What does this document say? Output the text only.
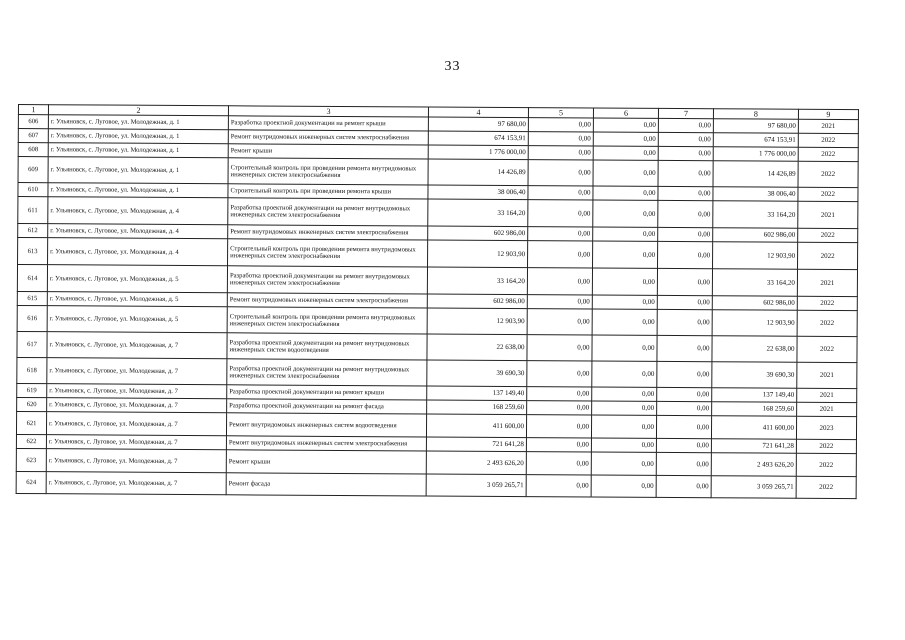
33
1	2	3	4	5	6	7	8	9
606	г. Ульяновск, с. Луговое, ул. Молодежная, д. 1	Разработка проектной документации на ремонт крыши	97 680,00	0,00	0,00	0,00	97 680,00	2021
607	г. Ульяновск, с. Луговое, ул. Молодежная, д. 1	Ремонт внутридомовых инженерных систем электроснабжения	674 153,91	0,00	0,00	0,00	674 153,91	2022
608	г. Ульяновск, с. Луговое, ул. Молодежная, д. 1	Ремонт крыши	1 776 000,00	0,00	0,00	0,00	1 776 000,00	2022
609	г. Ульяновск, с. Луговое, ул. Молодежная, д. 1	Строительный контроль при проведении ремонта внутридомовых инженерных систем электроснабжения	14 426,89	0,00	0,00	0,00	14 426,89	2022
610	г. Ульяновск, с. Луговое, ул. Молодежная, д. 1	Строительный контроль при проведении ремонта крыши	38 006,40	0,00	0,00	0,00	38 006,40	2022
611	г. Ульяновск, с. Луговое, ул. Молодежная, д. 4	Разработка проектной документации на ремонт внутридомовых инженерных систем электроснабжения	33 164,20	0,00	0,00	0,00	33 164,20	2021
612	г. Ульяновск, с. Луговое, ул. Молодежная, д. 4	Ремонт внутридомовых инженерных систем электроснабжения	602 986,00	0,00	0,00	0,00	602 986,00	2022
613	г. Ульяновск, с. Луговое, ул. Молодежная, д. 4	Строительный контроль при проведении ремонта внутридомовых инженерных систем электроснабжения	12 903,90	0,00	0,00	0,00	12 903,90	2022
614	г. Ульяновск, с. Луговое, ул. Молодежная, д. 5	Разработка проектной документации на ремонт внутридомовых инженерных систем электроснабжения	33 164,20	0,00	0,00	0,00	33 164,20	2021
615	г. Ульяновск, с. Луговое, ул. Молодежная, д. 5	Ремонт внутридомовых инженерных систем электроснабжения	602 986,00	0,00	0,00	0,00	602 986,00	2022
616	г. Ульяновск, с. Луговое, ул. Молодежная, д. 5	Строительный контроль при проведении ремонта внутридомовых инженерных систем электроснабжения	12 903,90	0,00	0,00	0,00	12 903,90	2022
617	г. Ульяновск, с. Луговое, ул. Молодежная, д. 7	Разработка проектной документации на ремонт внутридомовых инженерных систем водоотведения	22 638,00	0,00	0,00	0,00	22 638,00	2022
618	г. Ульяновск, с. Луговое, ул. Молодежная, д. 7	Разработка проектной документации на ремонт внутридомовых инженерных систем электроснабжения	39 690,30	0,00	0,00	0,00	39 690,30	2021
619	г. Ульяновск, с. Луговое, ул. Молодежная, д. 7	Разработка проектной документации на ремонт крыши	137 149,40	0,00	0,00	0,00	137 149,40	2021
620	г. Ульяновск, с. Луговое, ул. Молодежная, д. 7	Разработка проектной документации на ремонт фасада	168 259,60	0,00	0,00	0,00	168 259,60	2021
621	г. Ульяновск, с. Луговое, ул. Молодежная, д. 7	Ремонт внутридомовых инженерных систем водоотведения	411 600,00	0,00	0,00	0,00	411 600,00	2023
622	г. Ульяновск, с. Луговое, ул. Молодежная, д. 7	Ремонт внутридомовых инженерных систем электроснабжения	721 641,28	0,00	0,00	0,00	721 641,28	2022
623	г. Ульяновск, с. Луговое, ул. Молодежная, д. 7	Ремонт крыши	2 493 626,20	0,00	0,00	0,00	2 493 626,20	2022
624	г. Ульяновск, с. Луговое, ул. Молодежная, д. 7	Ремонт фасада	3 059 265,71	0,00	0,00	0,00	3 059 265,71	2022
